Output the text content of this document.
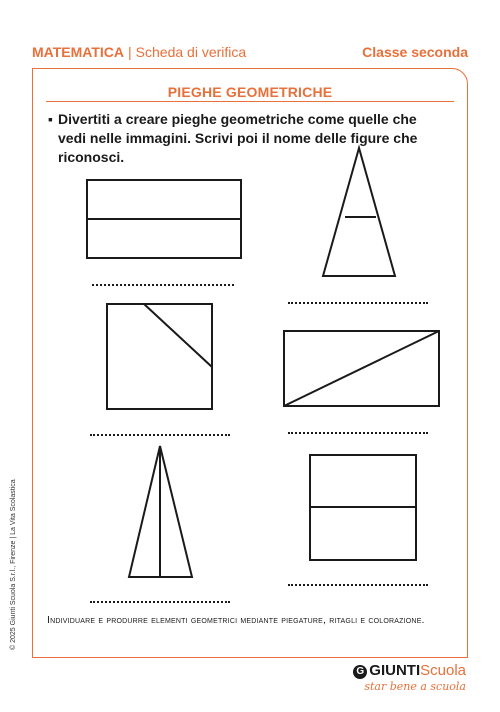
MATEMATICA | Scheda di verifica	Classe seconda
PIEGHE GEOMETRICHE
▪ Divertiti a creare pieghe geometriche come quelle che vedi nelle immagini. Scrivi poi il nome delle figure che riconosci.
Individuare e produrre elementi geometrici mediante piegature, ritagli e colorazione.
© 2025 Giunti Scuola S.r.l., Firenze | La Vita Scolastica
G GIUNTIScuola
star bene a scuola
